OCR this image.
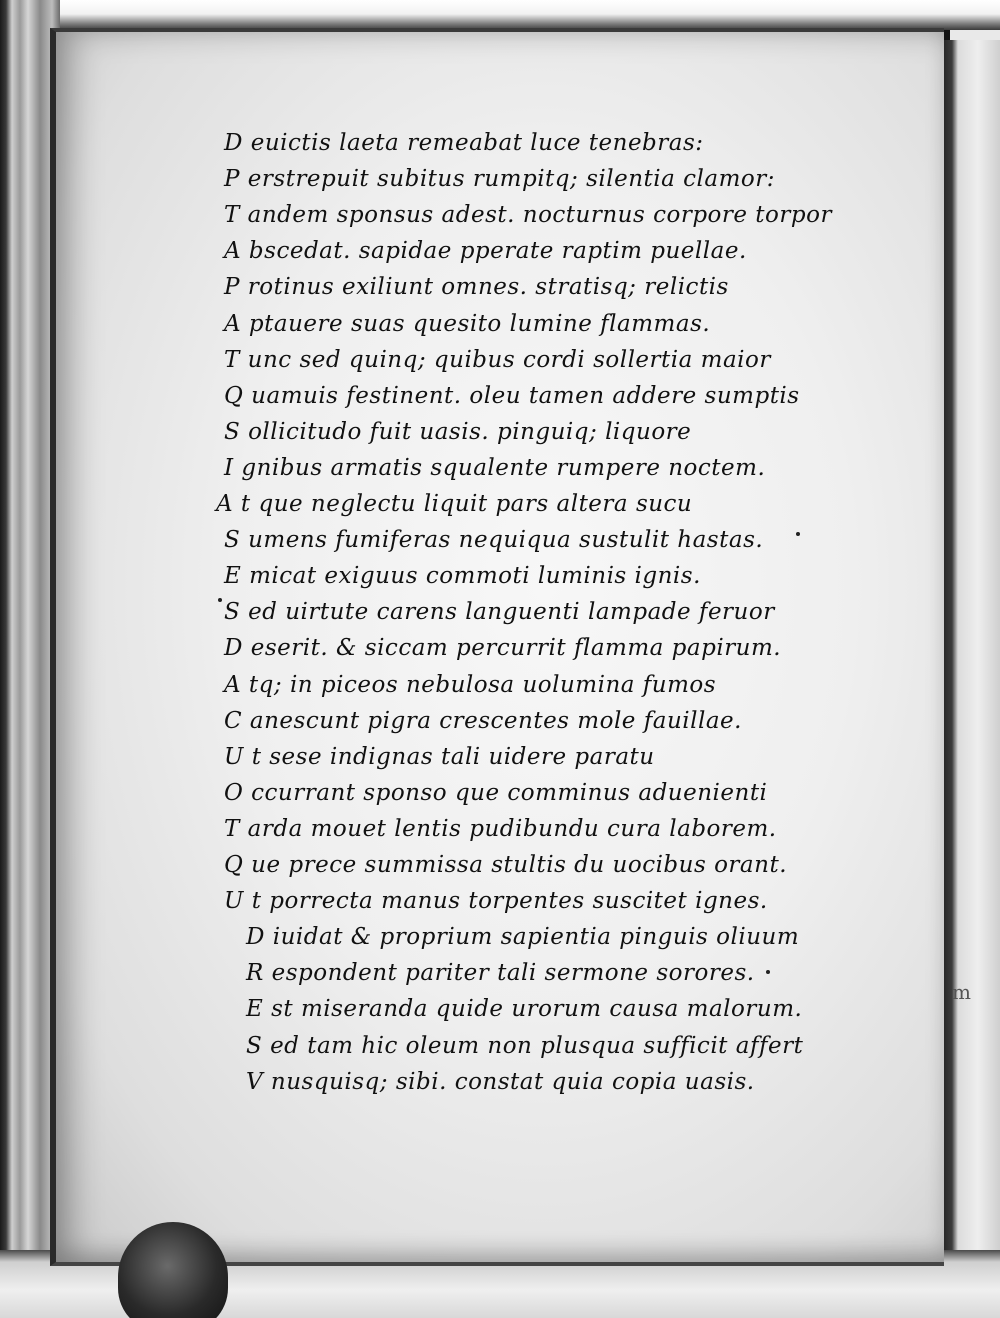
D euictis laeta remeabat luce tenebras:
P erstrepuit subitus rumpitq; silentia clamor:
T andem sponsus adest. nocturnus corpore torpor
A bscedat. sapidae pperate raptim puellae.
P rotinus exiliunt omnes. stratisq; relictis
A ptauere suas quesito lumine flammas.
T unc sed quinq; quibus cordi sollertia maior
Q uamuis festinent. oleu tamen addere sumptis
S ollicitudo fuit uasis. pinguiq; liquore
I gnibus armatis squalente rumpere noctem.
A t que neglectu liquit pars altera sucu
S umens fumiferas nequiqua sustulit hastas.
E micat exiguus commoti luminis ignis.
S ed uirtute carens languenti lampade feruor
D eserit. & siccam percurrit flamma papirum.
A tq; in piceos nebulosa uolumina fumos
C anescunt pigra crescentes mole fauillae.
U t sese indignas tali uidere paratu
O ccurrant sponso que comminus aduenienti
T arda mouet lentis pudibundu cura laborem.
Q ue prece summissa stultis du uocibus orant.
U t porrecta manus torpentes suscitet ignes.
D iuidat & proprium sapientia pinguis oliuum
R espondent pariter tali sermone sorores.
E st miseranda quide urorum causa malorum.
S ed tam hic oleum non plusqua sufficit affert
V nusquisq; sibi. constat quia copia uasis.
m
